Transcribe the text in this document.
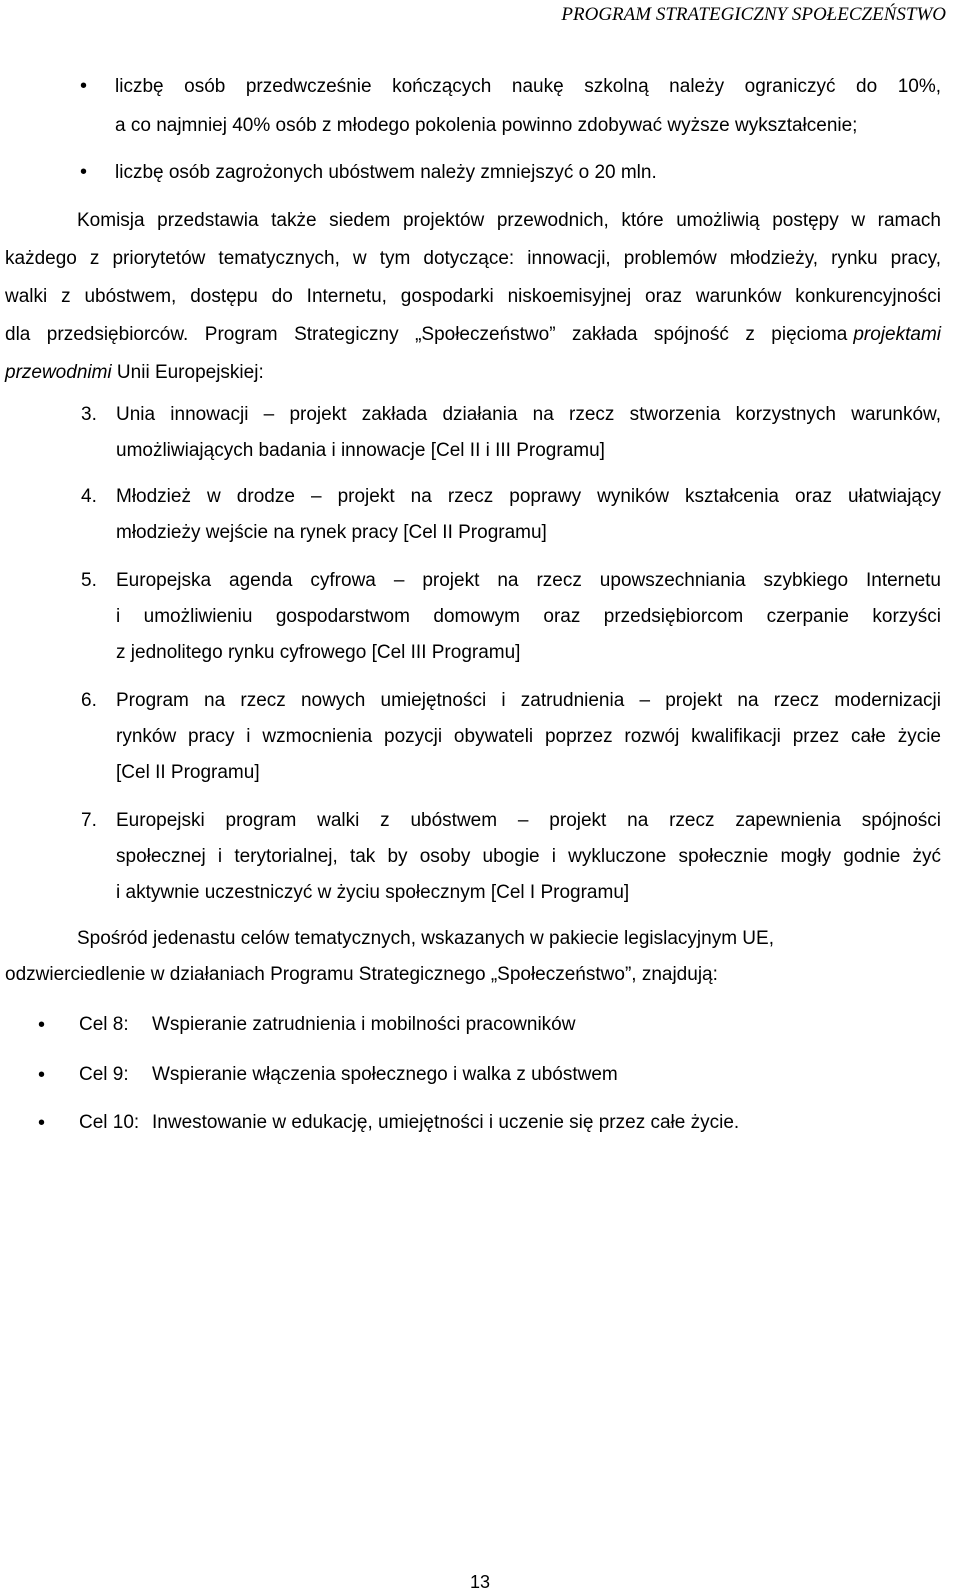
PROGRAM STRATEGICZNY SPOŁECZEŃSTWO
• liczbę osób przedwcześnie kończących naukę szkolną należy ograniczyć do 10%,
a co najmniej 40% osób z młodego pokolenia powinno zdobywać wyższe wykształcenie;
• liczbę osób zagrożonych ubóstwem należy zmniejszyć o 20 mln.
Komisja przedstawia także siedem projektów przewodnich, które umożliwią postępy w ramach
każdego z priorytetów tematycznych, w tym dotyczące: innowacji, problemów młodzieży, rynku pracy,
walki z ubóstwem, dostępu do Internetu, gospodarki niskoemisyjnej oraz warunków konkurencyjności
dla przedsiębiorców. Program Strategiczny „Społeczeństwo” zakłada spójność z pięcioma projektami
przewodnimi Unii Europejskiej:
3. Unia innowacji – projekt zakłada działania na rzecz stworzenia korzystnych warunków,
umożliwiających badania i innowacje [Cel II i III Programu]
4. Młodzież w drodze – projekt na rzecz poprawy wyników kształcenia oraz ułatwiający
młodzieży wejście na rynek pracy [Cel II Programu]
5. Europejska agenda cyfrowa – projekt na rzecz upowszechniania szybkiego Internetu
i umożliwieniu gospodarstwom domowym oraz przedsiębiorcom czerpanie korzyści
z jednolitego rynku cyfrowego [Cel III Programu]
6. Program na rzecz nowych umiejętności i zatrudnienia – projekt na rzecz modernizacji
rynków pracy i wzmocnienia pozycji obywateli poprzez rozwój kwalifikacji przez całe życie
[Cel II Programu]
7. Europejski program walki z ubóstwem – projekt na rzecz zapewnienia spójności
społecznej i terytorialnej, tak by osoby ubogie i wykluczone społecznie mogły godnie żyć
i aktywnie uczestniczyć w życiu społecznym [Cel I Programu]
Spośród jedenastu celów tematycznych, wskazanych w pakiecie legislacyjnym UE,
odzwierciedlenie w działaniach Programu Strategicznego „Społeczeństwo”, znajdują:
• Cel 8: Wspieranie zatrudnienia i mobilności pracowników
• Cel 9: Wspieranie włączenia społecznego i walka z ubóstwem
• Cel 10: Inwestowanie w edukację, umiejętności i uczenie się przez całe życie.
13
